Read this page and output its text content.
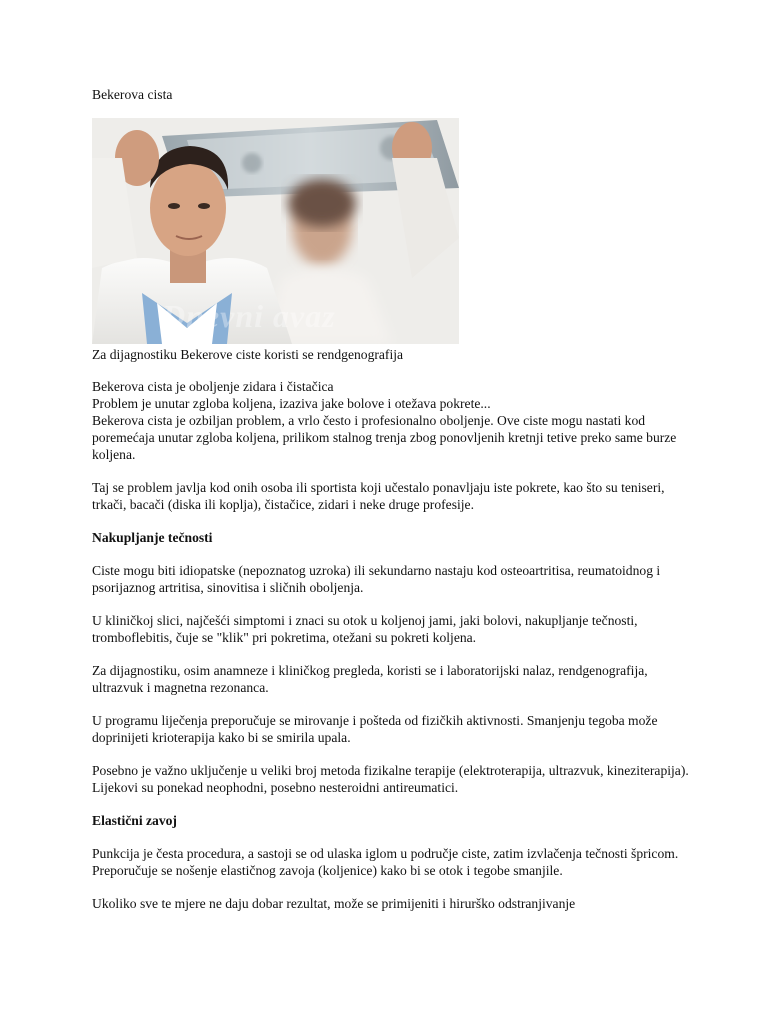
Bekerova cista

Dnevni avaz

Za dijagnostiku Bekerove ciste koristi se rendgenografija

Bekerova cista je oboljenje zidara i čistačica

Problem je unutar zgloba koljena, izaziva jake bolove i otežava pokrete...

Bekerova cista je ozbiljan problem, a vrlo često i profesionalno oboljenje. Ove ciste mogu nastati kod poremećaja unutar zgloba koljena, prilikom stalnog trenja zbog ponovljenih kretnji tetive preko same burze koljena.

Taj se problem javlja kod onih osoba ili sportista koji učestalo ponavljaju iste pokrete, kao što su teniseri, trkači, bacači (diska ili koplja), čistačice, zidari i neke druge profesije.

Nakupljanje tečnosti

Ciste mogu biti idiopatske (nepoznatog uzroka) ili sekundarno nastaju kod osteoartritisa, reumatoidnog i psorijaznog artritisa, sinovitisa i sličnih oboljenja.

U kliničkoj slici, najčešći simptomi i znaci su otok u koljenoj jami, jaki bolovi, nakupljanje tečnosti, tromboflebitis, čuje se "klik" pri pokretima, otežani su pokreti koljena.

Za dijagnostiku, osim anamneze i kliničkog pregleda, koristi se i laboratorijski nalaz, rendgenografija, ultrazvuk i magnetna rezonanca.

U programu liječenja preporučuje se mirovanje i pošteda od fizičkih aktivnosti. Smanjenju tegoba može doprinijeti krioterapija kako bi se smirila upala.

Posebno je važno uključenje u veliki broj metoda fizikalne terapije (elektroterapija, ultrazvuk, kineziterapija). Lijekovi su ponekad neophodni, posebno nesteroidni antireumatici.

Elastični zavoj

Punkcija je česta procedura, a sastoji se od ulaska iglom u područje ciste, zatim izvlačenja tečnosti špricom. Preporučuje se nošenje elastičnog zavoja (koljenice) kako bi se otok i tegobe smanjile.

Ukoliko sve te mjere ne daju dobar rezultat, može se primijeniti i hirurško odstranjivanje
